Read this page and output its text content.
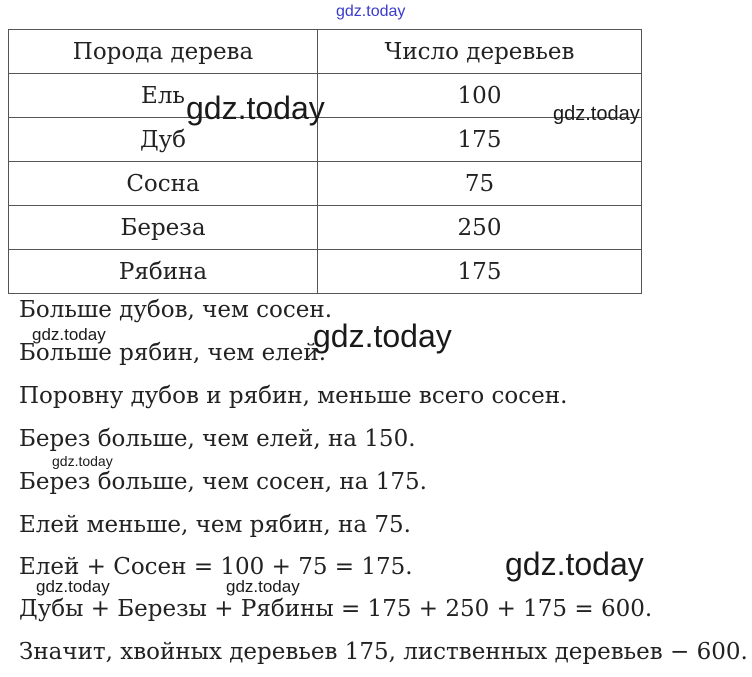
gdz.today
Порода дерева	Число деревьев
Ель	100
Дуб	175
Сосна	75
Береза	250
Рябина	175
Больше дубов, чем сосен.
Больше рябин, чем елей.
Поровну дубов и рябин, меньше всего сосен.
Берез больше, чем елей, на 150.
Берез больше, чем сосен, на 175.
Елей меньше, чем рябин, на 75.
Елей + Сосен = 100 + 75 = 175.
Дубы + Березы + Рябины = 175 + 250 + 175 = 600.
Значит, хвойных деревьев 175, лиственных деревьев − 600.
gdz.today	gdz.today
gdz.today	gdz.today
gdz.today
gdz.today
gdz.today	gdz.today
